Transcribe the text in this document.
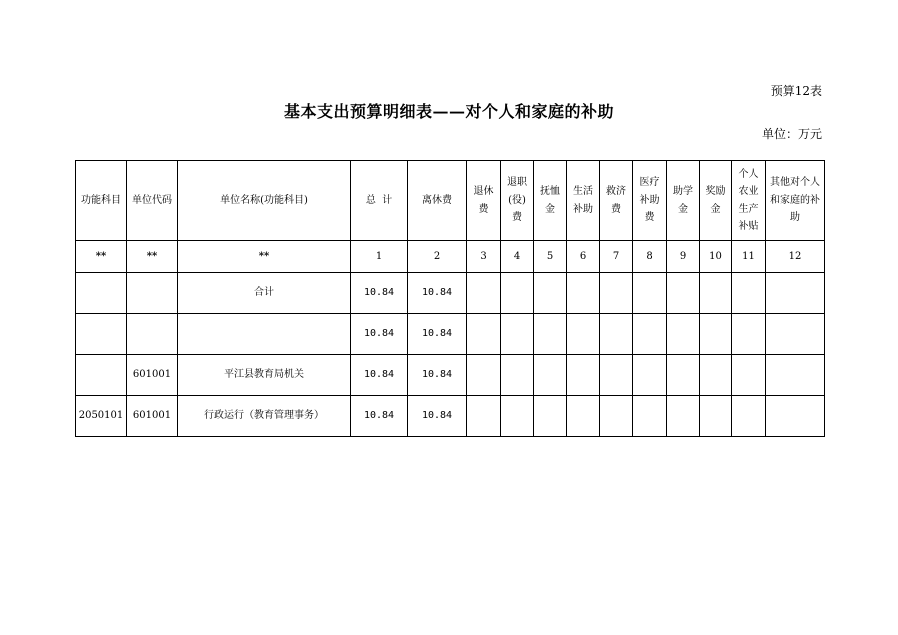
预算12表
基本支出预算明细表——对个人和家庭的补助
单位：万元
功能科目	单位代码	单位名称(功能科目)	总  计	离休费	退休费	退职(役)费	抚恤金	生活补助	救济费	医疗补助费	助学金	奖励金	个人农业生产补贴	其他对个人和家庭的补助
**	**	**	1	2	3	4	5	6	7	8	9	10	11	12
		合计	10.84	10.84										
			10.84	10.84										
	601001	平江县教育局机关	10.84	10.84										
2050101	601001	行政运行（教育管理事务）	10.84	10.84										
